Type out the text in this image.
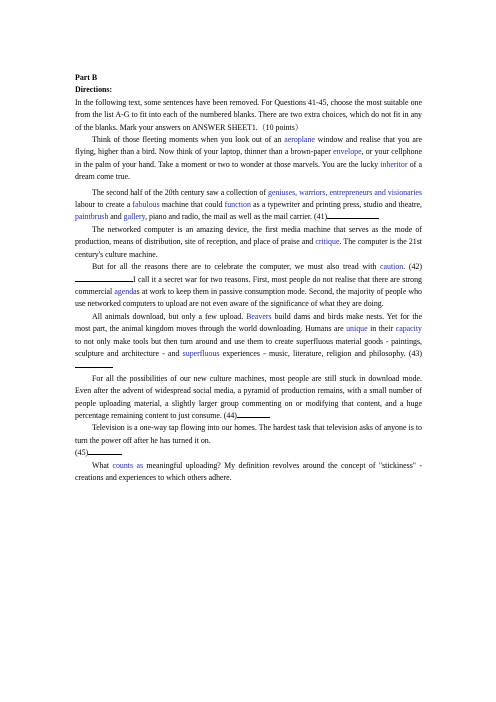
Part B

Directions:

In the following text, some sentences have been removed. For Questions 41-45, choose the most suitable one from the list A-G to fit into each of the numbered blanks. There are two extra choices, which do not fit in any of the blanks. Mark your answers on ANSWER SHEET1.（10 points）

Think of those fleeting moments when you look out of an aeroplane window and realise that you are flying, higher than a bird. Now think of your laptop, thinner than a brown-paper envelope, or your cellphone in the palm of your hand. Take a moment or two to wonder at those marvels. You are the lucky inheritor of a dream come true.

The second half of the 20th century saw a collection of geniuses, warriors, entrepreneurs and visionaries labour to create a fabulous machine that could function as a typewriter and printing press, studio and theatre, paintbrush and gallery, piano and radio, the mail as well as the mail carrier. (41)

The networked computer is an amazing device, the first media machine that serves as the mode of production, means of distribution, site of reception, and place of praise and critique. The computer is the 21st century's culture machine.

But for all the reasons there are to celebrate the computer, we must also tread with caution. (42)I call it a secret war for two reasons. First, most people do not realise that there are strong commercial agendas at work to keep them in passive consumption mode. Second, the majority of people who use networked computers to upload are not even aware of the significance of what they are doing.

All animals download, but only a few upload. Beavers build dams and birds make nests. Yet for the most part, the animal kingdom moves through the world downloading. Humans are unique in their capacity to not only make tools but then turn around and use them to create superfluous material goods - paintings, sculpture and architecture - and superfluous experiences - music, literature, religion and philosophy. (43)

For all the possibilities of our new culture machines, most people are still stuck in download mode. Even after the advent of widespread social media, a pyramid of production remains, with a small number of people uploading material, a slightly larger group commenting on or modifying that content, and a huge percentage remaining content to just consume. (44)

Television is a one-way tap flowing into our homes. The hardest task that television asks of anyone is to turn the power off after he has turned it on.

(45)

What counts as meaningful uploading? My definition revolves around the concept of "stickiness" - creations and experiences to which others adhere.
